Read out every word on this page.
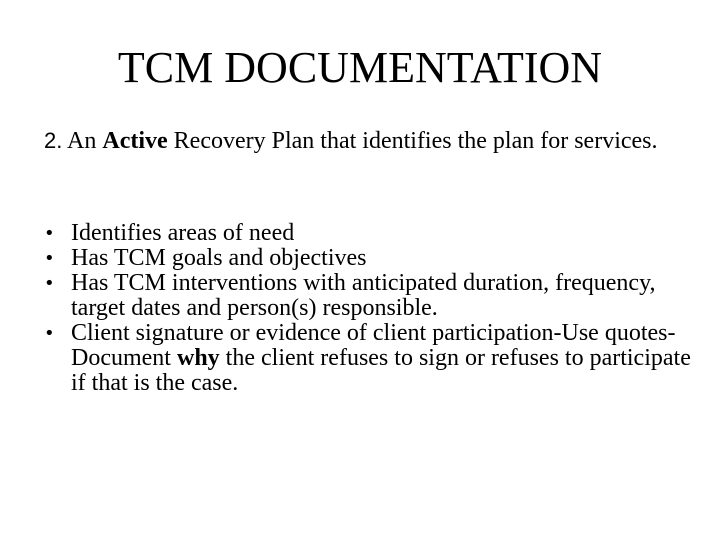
TCM DOCUMENTATION

2. An Active Recovery Plan that identifies the plan for services.

• Identifies areas of need
• Has TCM goals and objectives
• Has TCM interventions with anticipated duration, frequency, target dates and person(s) responsible.
• Client signature or evidence of client participation-Use quotes- Document why the client refuses to sign or refuses to participate if that is the case.
